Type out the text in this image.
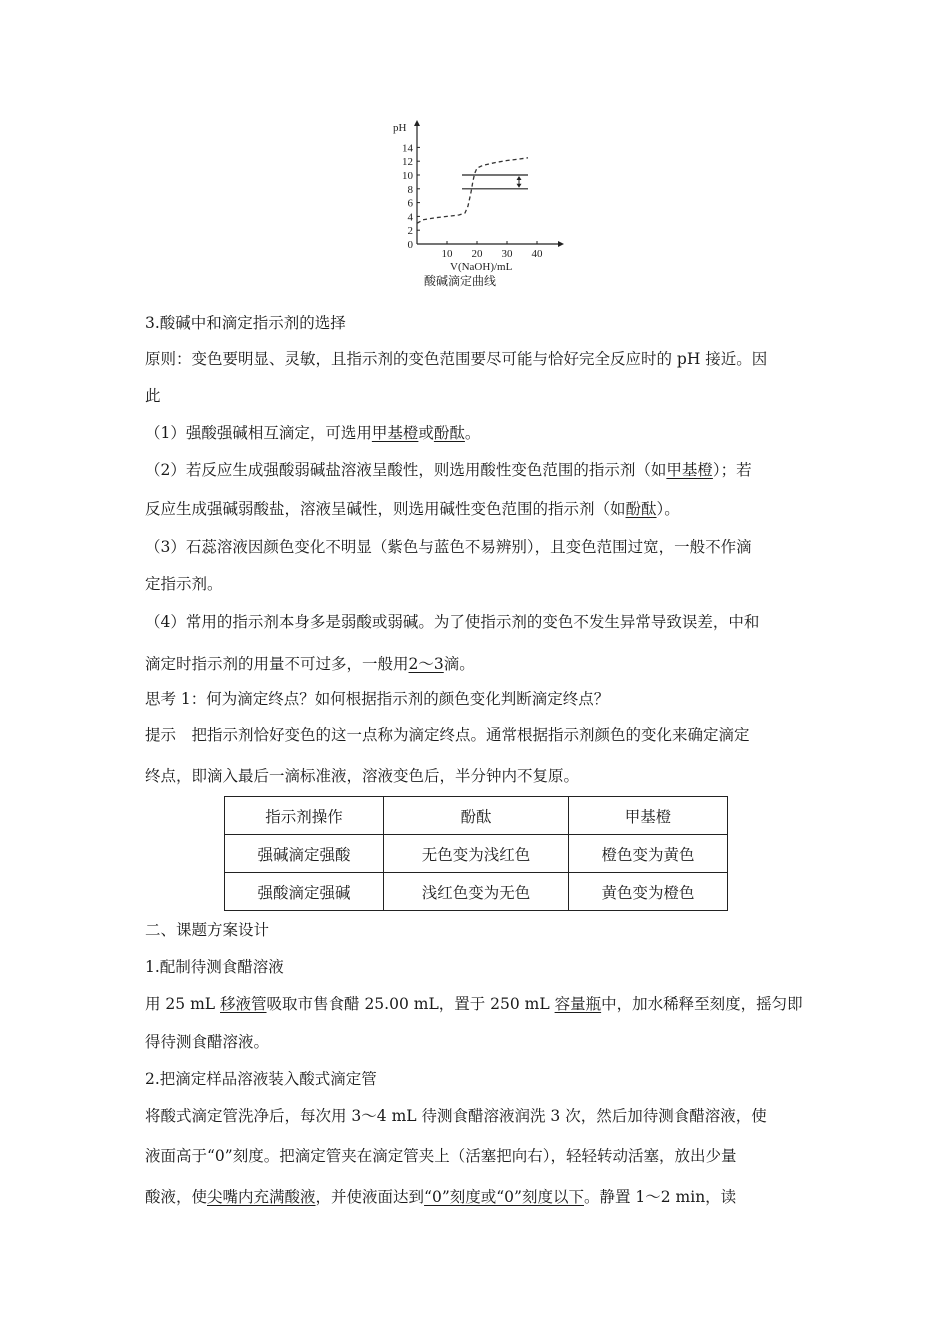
14
12
10
8
6
4
2
0
10 20 30 40
pH
V(NaOH)/mL
酸碱滴定曲线
3.酸碱中和滴定指示剂的选择
原则：变色要明显、灵敏，且指示剂的变色范围要尽可能与恰好完全反应时的 pH 接近。因
此
（1）强酸强碱相互滴定，可选用甲基橙或酚酞。
（2）若反应生成强酸弱碱盐溶液呈酸性，则选用酸性变色范围的指示剂（如甲基橙）；若
反应生成强碱弱酸盐，溶液呈碱性，则选用碱性变色范围的指示剂（如酚酞）。
（3）石蕊溶液因颜色变化不明显（紫色与蓝色不易辨别），且变色范围过宽，一般不作滴
定指示剂。
（4）常用的指示剂本身多是弱酸或弱碱。为了使指示剂的变色不发生异常导致误差，中和
滴定时指示剂的用量不可过多，一般用2～3滴。
思考 1：何为滴定终点？如何根据指示剂的颜色变化判断滴定终点？
提示　把指示剂恰好变色的这一点称为滴定终点。通常根据指示剂颜色的变化来确定滴定
终点，即滴入最后一滴标准液，溶液变色后，半分钟内不复原。
指示剂操作	酚酞	甲基橙
强碱滴定强酸	无色变为浅红色	橙色变为黄色
强酸滴定强碱	浅红色变为无色	黄色变为橙色
二、课题方案设计
1.配制待测食醋溶液
用 25 mL 移液管吸取市售食醋 25.00 mL，置于 250 mL 容量瓶中，加水稀释至刻度，摇匀即
得待测食醋溶液。
2.把滴定样品溶液装入酸式滴定管
将酸式滴定管洗净后，每次用 3～4 mL 待测食醋溶液润洗 3 次，然后加待测食醋溶液，使
液面高于“0”刻度。把滴定管夹在滴定管夹上（活塞把向右），轻轻转动活塞，放出少量
酸液，使尖嘴内充满酸液，并使液面达到“0”刻度或“0”刻度以下。静置 1～2 min，读
